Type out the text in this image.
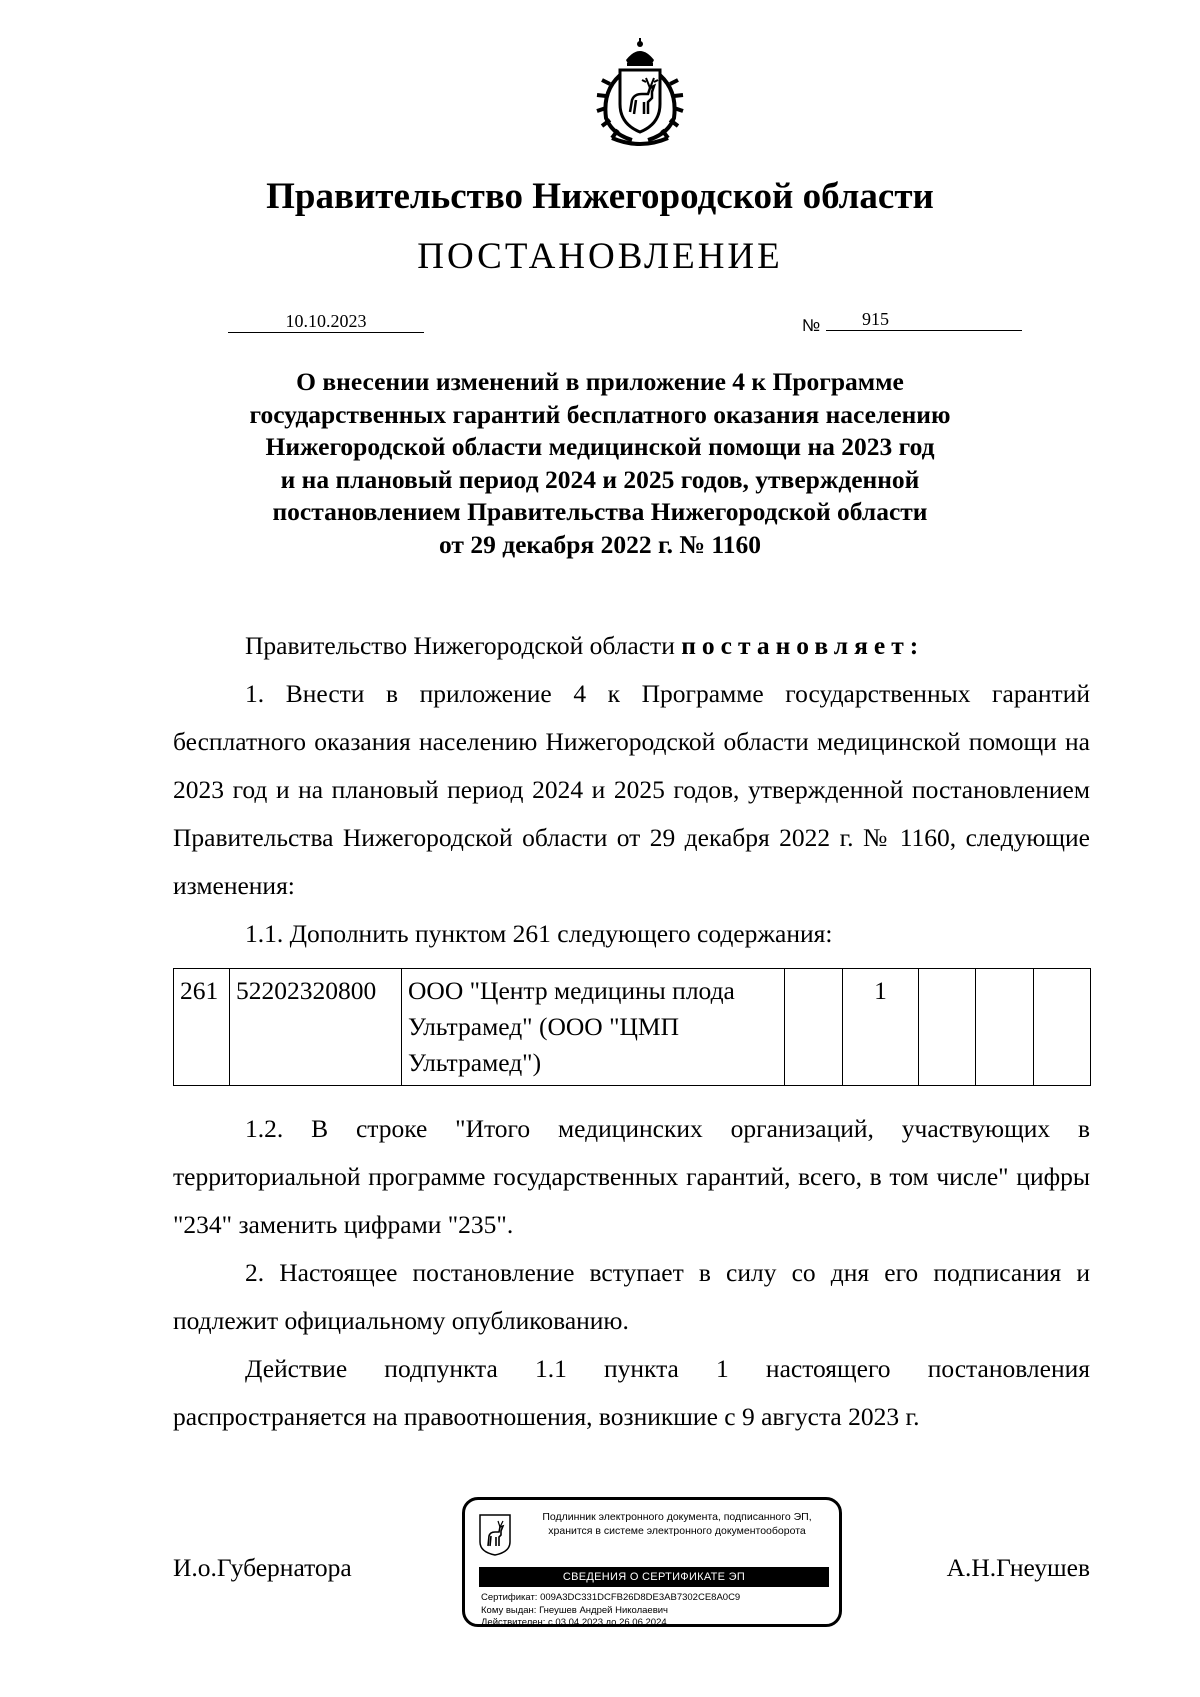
Правительство Нижегородской области
ПОСТАНОВЛЕНИЕ
10.10.2023	№	915
О внесении изменений в приложение 4 к Программе
государственных гарантий бесплатного оказания населению
Нижегородской области медицинской помощи на 2023 год
и на плановый период 2024 и 2025 годов, утвержденной
постановлением Правительства Нижегородской области
от 29 декабря 2022 г. № 1160

Правительство Нижегородской области постановляет:

1. Внести в приложение 4 к Программе государственных гарантий бесплатного оказания населению Нижегородской области медицинской помощи на 2023 год и на плановый период 2024 и 2025 годов, утвержденной постановлением Правительства Нижегородской области от 29 декабря 2022 г. № 1160, следующие изменения:

1.1. Дополнить пунктом 261 следующего содержания:

261	52202320800	ООО "Центр медицины плода Ультрамед" (ООО "ЦМП Ультрамед")		1			

1.2. В строке "Итого медицинских организаций, участвующих в территориальной программе государственных гарантий, всего, в том числе" цифры "234" заменить цифрами "235".

2. Настоящее постановление вступает в силу со дня его подписания и подлежит официальному опубликованию.

Действие подпункта 1.1 пункта 1 настоящего постановления распространяется на правоотношения, возникшие с 9 августа 2023 г.

И.о.Губернатора	А.Н.Гнеушев
Подлинник электронного документа, подписанного ЭП,
хранится в системе электронного документооборота
СВЕДЕНИЯ О СЕРТИФИКАТЕ ЭП
Сертификат: 009A3DC331DCFB26D8DE3AB7302CE8A0C9
Кому выдан: Гнеушев Андрей Николаевич
Действителен: с 03.04.2023 до 26.06.2024
